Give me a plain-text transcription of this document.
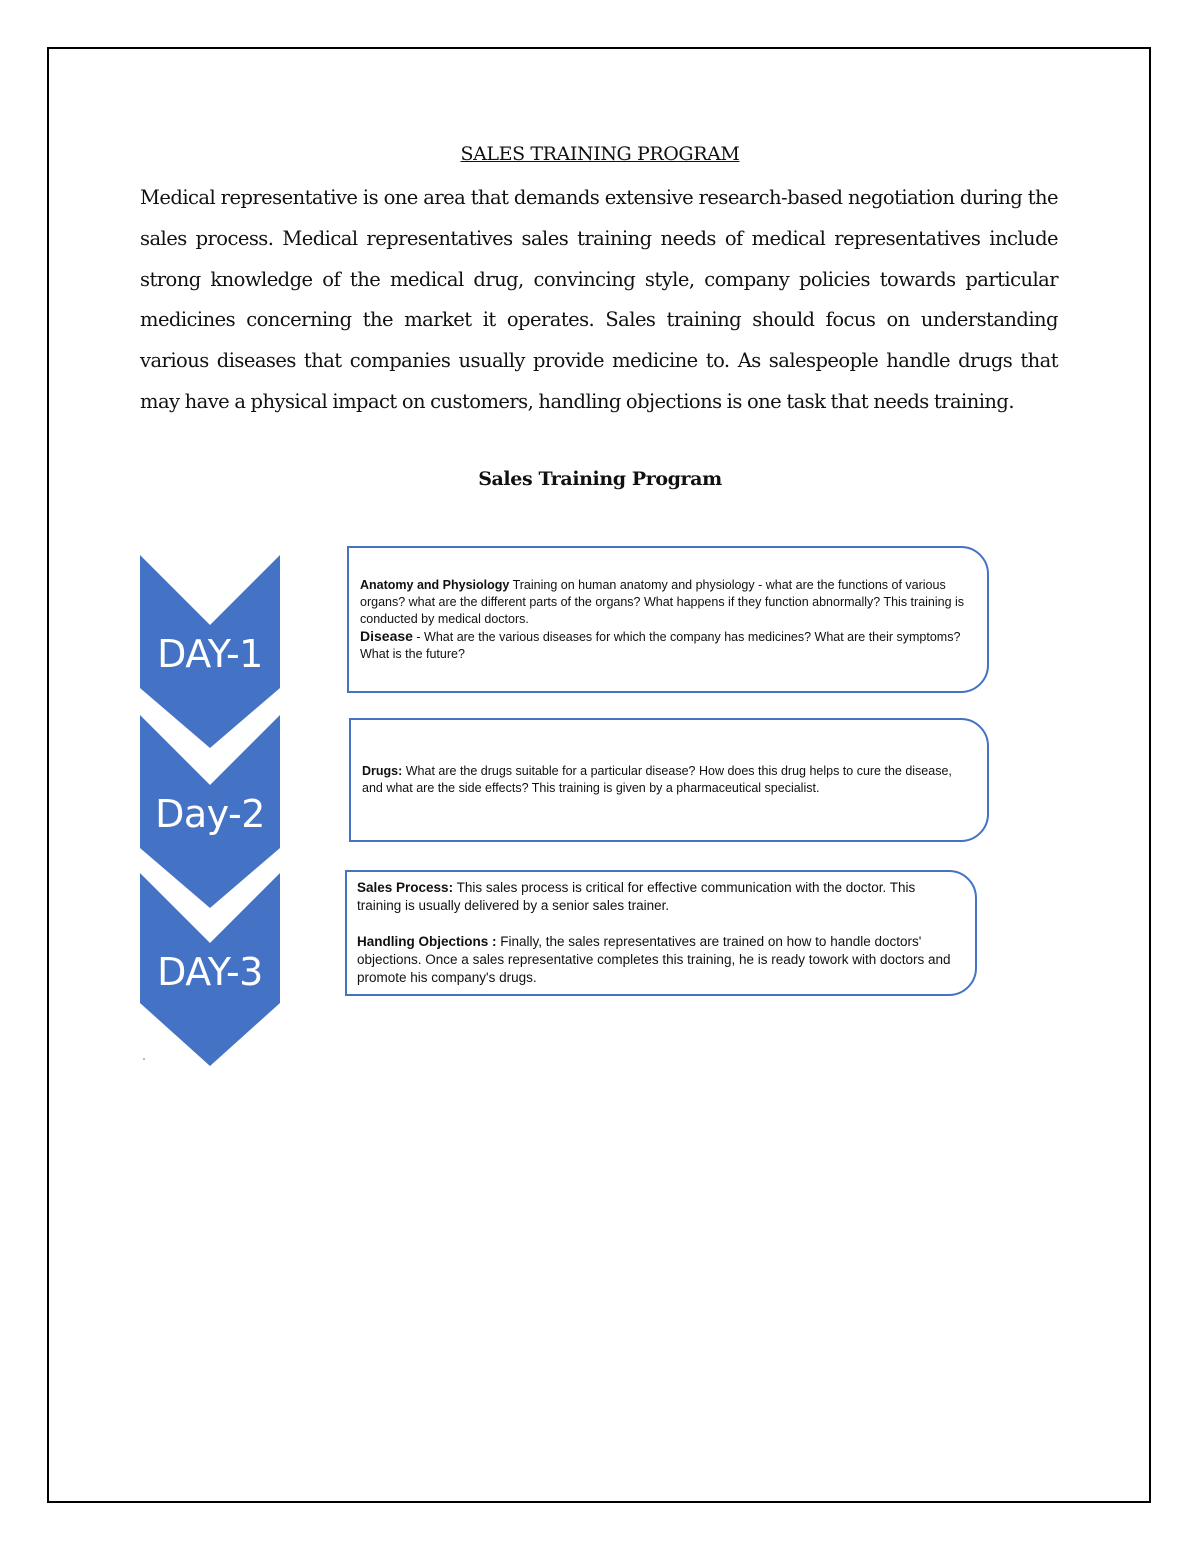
SALES TRAINING PROGRAM
Medical representative is one area that demands extensive research-based negotiation during the sales process. Medical representatives sales training needs of medical representatives include strong knowledge of the medical drug, convincing style, company policies towards particular medicines concerning the market it operates. Sales training should focus on understanding various diseases that companies usually provide medicine to. As salespeople handle drugs that may have a physical impact on customers, handling objections is one task that needs training.
Sales Training Program
DAY-1
Day-2
DAY-3

Anatomy and Physiology Training on human anatomy and physiology - what are the functions of various organs? what are the different parts of the organs? What happens if they function abnormally? This training is conducted by medical doctors.

Disease - What are the various diseases for which the company has medicines? What are their symptoms? What is the future?

Drugs: What are the drugs suitable for a particular disease? How does this drug helps to cure the disease, and what are the side effects? This training is given by a pharmaceutical specialist.

Sales Process: This sales process is critical for effective communication with the doctor. This training is usually delivered by a senior sales trainer.

Handling Objections : Finally, the sales representatives are trained on how to handle doctors' objections. Once a sales representative completes this training, he is ready towork with doctors and promote his company's drugs.
